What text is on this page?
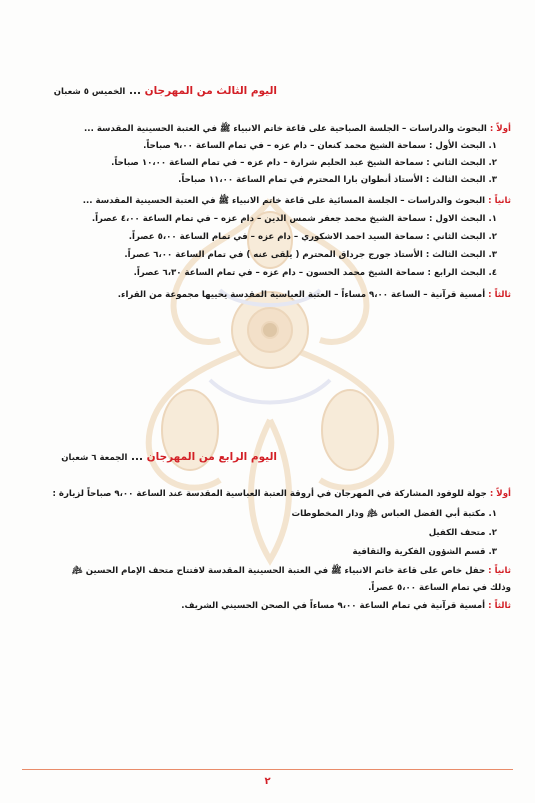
اليوم الثالث من المهرجان ... الخميس ٥ شعبان
أولاً : البحوث والدراسات – الجلسة الصباحية على قاعة خاتم الانبياء ﷺ في العتبة الحسينية المقدسة ...
١. البحث الأول : سماحة الشيخ محمد كنعان – دام عزه – في تمام الساعة ٩،٠٠ صباحاً.
٢. البحث الثاني : سماحة الشيخ عبد الحليم شرارة – دام عزه – في تمام الساعة ١٠،٠٠ صباحاً.
٣. البحث الثالث : الأستاذ أنطوان بارا المحترم في تمام الساعة ١١،٠٠ صباحاً.
ثانياً : البحوث والدراسات – الجلسة المسائية على قاعة خاتم الانبياء ﷺ في العتبة الحسينية المقدسة ...
١. البحث الاول : سماحة الشيخ محمد جعفر شمس الدين – دام عزه – في تمام الساعة ٤،٠٠ عصراً.
٢. البحث الثاني : سماحة السيد احمد الاشكوري – دام عزه – في تمام الساعة ٥،٠٠ عصراً.
٣. البحث الثالث : الأستاذ جورج جرداق المحترم ( يلقى عنه ) في تمام الساعة ٦،٠٠ عصراً.
٤. البحث الرابع : سماحة الشيخ محمد الحسون – دام عزه – في تمام الساعة ٦،٣٠ عصراً.
ثالثاً : أمسية قرآنية – الساعة ٩،٠٠ مساءاً – العتبة العباسية المقدسة يحييها مجموعة من القراء.
اليوم الرابع من المهرجان ... الجمعة ٦ شعبان
أولاً : جولة للوفود المشاركة في المهرجان في أروقة العتبة العباسية المقدسة عند الساعة ٩،٠٠ صباحاً لزيارة :
١. مكتبة أبي الفضل العباس ﵇ ودار المخطوطات
٢. متحف الكفيل
٣. قسم الشؤون الفكرية والثقافية
ثانياً : حفل خاص على قاعة خاتم الانبياء ﷺ في العتبة الحسينية المقدسة لافتتاح متحف الإمام الحسين ﵇
وذلك في تمام الساعة ٥،٠٠ عصراً.
ثالثاً : أمسية قرآنية في تمام الساعة ٩،٠٠ مساءاً في الصحن الحسيني الشريف.
٢
